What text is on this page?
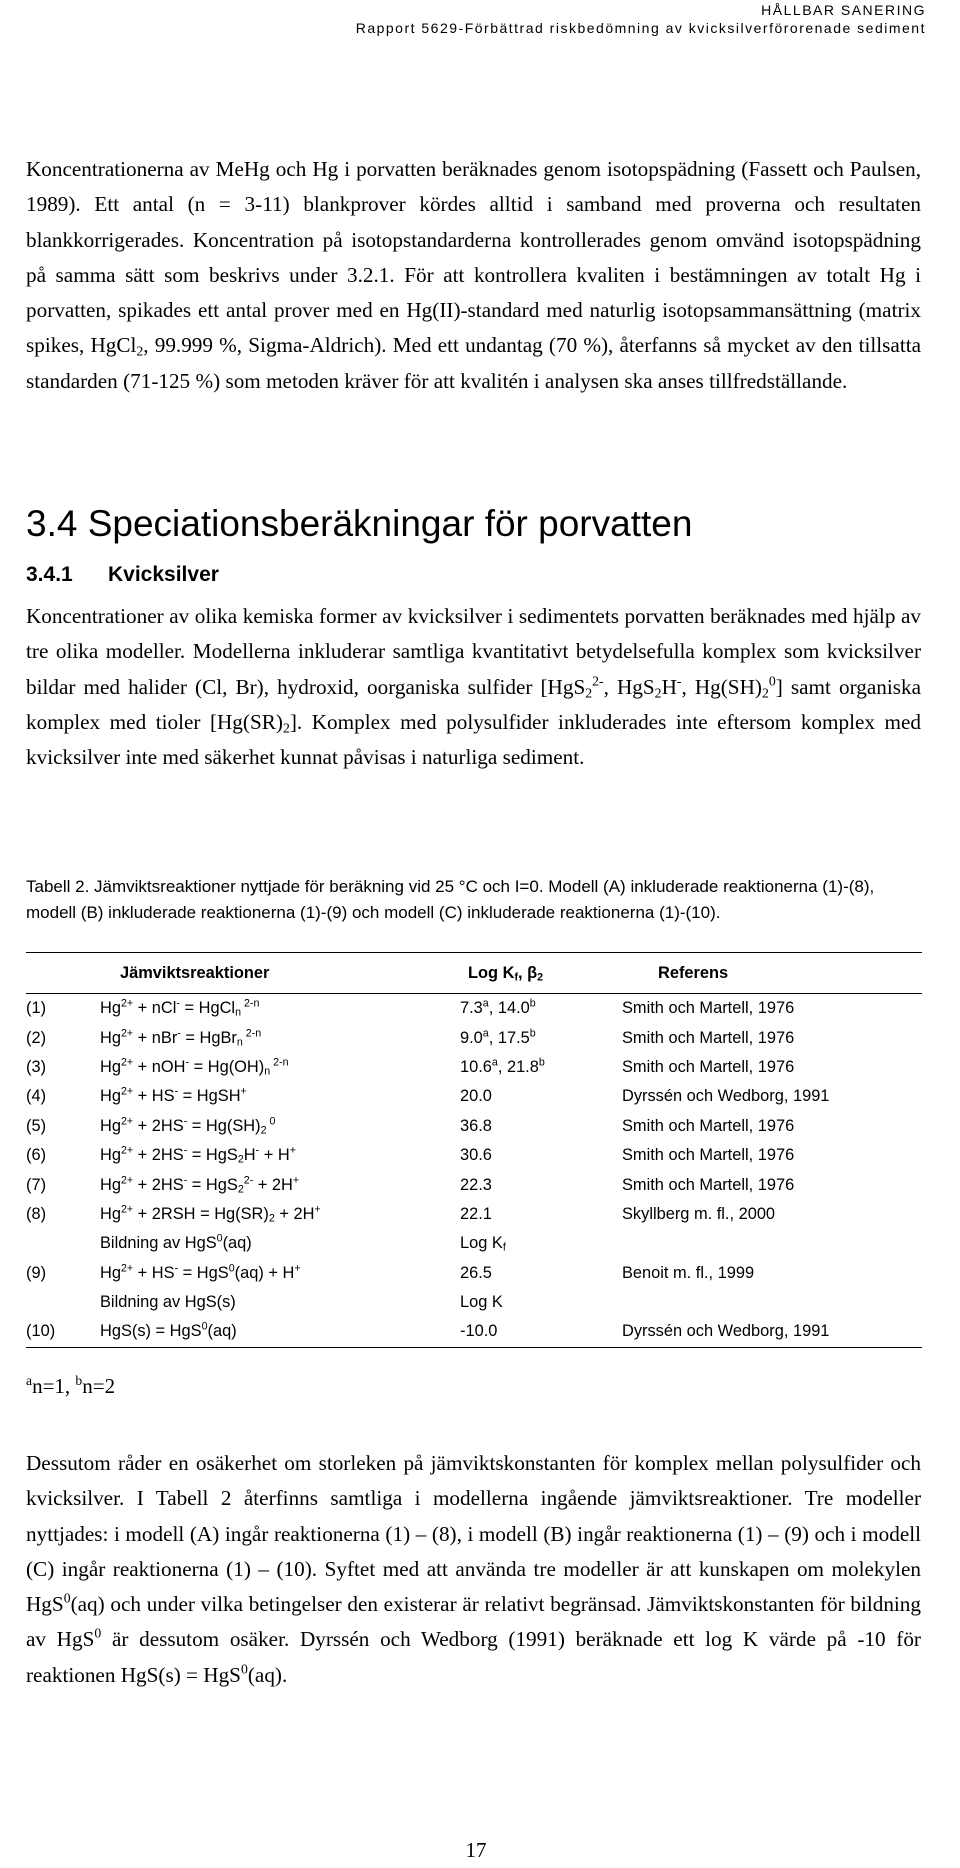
HÅLLBAR SANERING
Rapport 5629-Förbättrad riskbedömning av kvicksilverförorenade sediment

Koncentrationerna av MeHg och Hg i porvatten beräknades genom isotopspädning (Fassett och Paulsen, 1989). Ett antal (n = 3-11) blankprover kördes alltid i samband med proverna och resultaten blankkorrigerades. Koncentration på isotopstandarderna kontrollerades genom omvänd isotopspädning på samma sätt som beskrivs under 3.2.1. För att kontrollera kvaliten i bestämningen av totalt Hg i porvatten, spikades ett antal prover med en Hg(II)-standard med naturlig isotopsammansättning (matrix spikes, HgCl$_2$, 99.999 %, Sigma-Aldrich). Med ett undantag (70 %), återfanns så mycket av den tillsatta standarden (71-125 %) som metoden kräver för att kvalitén i analysen ska anses tillfredställande.

3.4 Speciationsberäkningar för porvatten
3.4.1 Kvicksilver

Koncentrationer av olika kemiska former av kvicksilver i sedimentets porvatten beräknades med hjälp av tre olika modeller. Modellerna inkluderar samtliga kvantitativt betydelsefulla komplex som kvicksilver bildar med halider (Cl, Br), hydroxid, oorganiska sulfider [HgS$_2^{2-}$, HgS$_2$H-, $Hg(SH)_2^0$] samt organiska komplex med tioler $[Hg(SR)_2]$. Komplex med polysulfider inkluderades inte eftersom komplex med kvicksilver inte med säkerhet kunnat påvisas i naturliga sediment.

Tabell 2. Jämviktsreaktioner nyttjade för beräkning vid 25 °C och I=0. Modell (A) inkluderade reaktionerna (1)-(8), modell (B) inkluderade reaktionerna (1)-(9) och modell (C) inkluderade reaktionerna (1)-(10).

	Jämviktsreaktioner	Log $K_f$, $\beta_2$	Referens
(1)	$Hg^{2+} + nCl^-$ = HgCl$_n$ $^{2-n}$	7.3$^a$, 14.0$^b$	Smith och Martell, 1976
(2)	$Hg^{2+} + nBr^-$ = HgBr$_n$ $^{2-n}$	9.0$^a$, 17.5$^b$	Smith och Martell, 1976
(3)	$Hg^{2+} + nOH^- = Hg(OH)_n$ $^{2-n}$	10.6$^a$, 21.8$^b$	Smith och Martell, 1976
(4)	$Hg^{2+} + HS^-$ = HgSH+	20.0	Dyrssén och Wedborg, 1991
(5)	$Hg^{2+} + 2HS^- = Hg(SH)_2$ $^0$	36.8	Smith och Martell, 1976
(6)	$Hg^{2+} + 2HS^- = HgS_2H^- + H^+$	30.6	Smith och Martell, 1976
(7)	$Hg^{2+} + 2HS^- = HgS_2^{2-} + 2H^+$	22.3	Smith och Martell, 1976
(8)	$Hg^{2+} + 2RSH = Hg(SR)_2 + 2H^+$	22.1	Skyllberg m. fl., 2000
	Bildning av HgS$^0$(aq)	Log $K_f$	
(9)	$Hg^{2+} + HS^- = HgS^0(aq) + H^+$	26.5	Benoit m. fl., 1999
	Bildning av HgS(s)	Log K	
(10)	HgS(s) = HgS$^0$(aq)	-10.0	Dyrssén och Wedborg, 1991

$^a$n=1, $^b$n=2

Dessutom råder en osäkerhet om storleken på jämviktskonstanten för komplex mellan polysulfider och kvicksilver. I Tabell 2 återfinns samtliga i modellerna ingående jämviktsreaktioner. Tre modeller nyttjades: i modell (A) ingår reaktionerna (1) – (8), i modell (B) ingår reaktionerna (1) – (9) och i modell (C) ingår reaktionerna (1) – (10). Syftet med att använda tre modeller är att kunskapen om molekylen HgS$^0$(aq) och under vilka betingelser den existerar är relativt begränsad. Jämviktskonstanten för bildning av HgS$^0$ är dessutom osäker. Dyrssén och Wedborg (1991) beräknade ett log K värde på -10 för reaktionen HgS(s) = HgS$^0$(aq).

17
